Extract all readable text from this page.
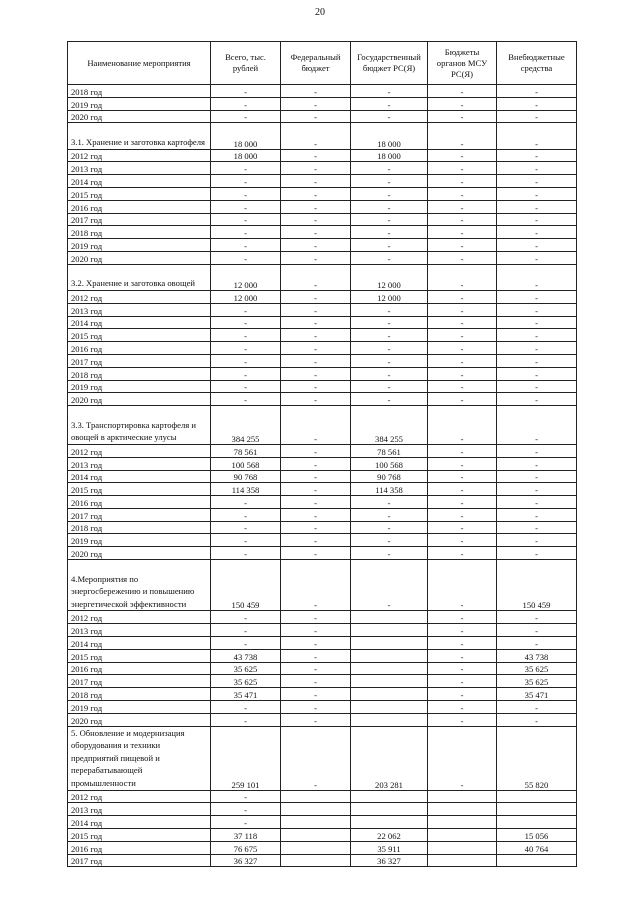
20
Наименование мероприятия	Всего, тыс. рублей	Федеральный бюджет	Государственный бюджет РС(Я)	Бюджеты органов МСУ РС(Я)	Внебюджетные средства
2018 год	-	-	-	-	-
2019 год	-	-	-	-	-
2020 год	-	-	-	-	-
3.1. Хранение и заготовка картофеля	18 000	-	18 000	-	-
2012 год	18 000	-	18 000	-	-
2013 год	-	-	-	-	-
2014 год	-	-	-	-	-
2015 год	-	-	-	-	-
2016 год	-	-	-	-	-
2017 год	-	-	-	-	-
2018 год	-	-	-	-	-
2019 год	-	-	-	-	-
2020 год	-	-	-	-	-
3.2. Хранение и заготовка овощей	12 000	-	12 000	-	-
2012 год	12 000	-	12 000	-	-
2013 год	-	-	-	-	-
2014 год	-	-	-	-	-
2015 год	-	-	-	-	-
2016 год	-	-	-	-	-
2017 год	-	-	-	-	-
2018 год	-	-	-	-	-
2019 год	-	-	-	-	-
2020 год	-	-	-	-	-
3.3. Транспортировка картофеля и овощей в арктические улусы	384 255	-	384 255	-	-
2012 год	78 561	-	78 561	-	-
2013 год	100 568	-	100 568	-	-
2014 год	90 768	-	90 768	-	-
2015 год	114 358	-	114 358	-	-
2016 год	-	-	-	-	-
2017 год	-	-	-	-	-
2018 год	-	-	-	-	-
2019 год	-	-	-	-	-
2020 год	-	-	-	-	-
4.Мероприятия по энергосбережению и повышению энергетической эффективности	150 459	-	-	-	150 459
2012 год	-	-		-	-
2013 год	-	-		-	-
2014 год	-	-		-	-
2015 год	43 738	-		-	43 738
2016 год	35 625	-		-	35 625
2017 год	35 625	-		-	35 625
2018 год	35 471	-		-	35 471
2019 год	-	-		-	-
2020 год	-	-		-	-
5. Обновление и модернизация оборудования и техники предприятий пищевой и перерабатывающей промышленности	259 101	-	203 281	-	55 820
2012 год	-				
2013 год	-				
2014 год	-				
2015 год	37 118		22 062		15 056
2016 год	76 675		35 911		40 764
2017 год	36 327		36 327		
